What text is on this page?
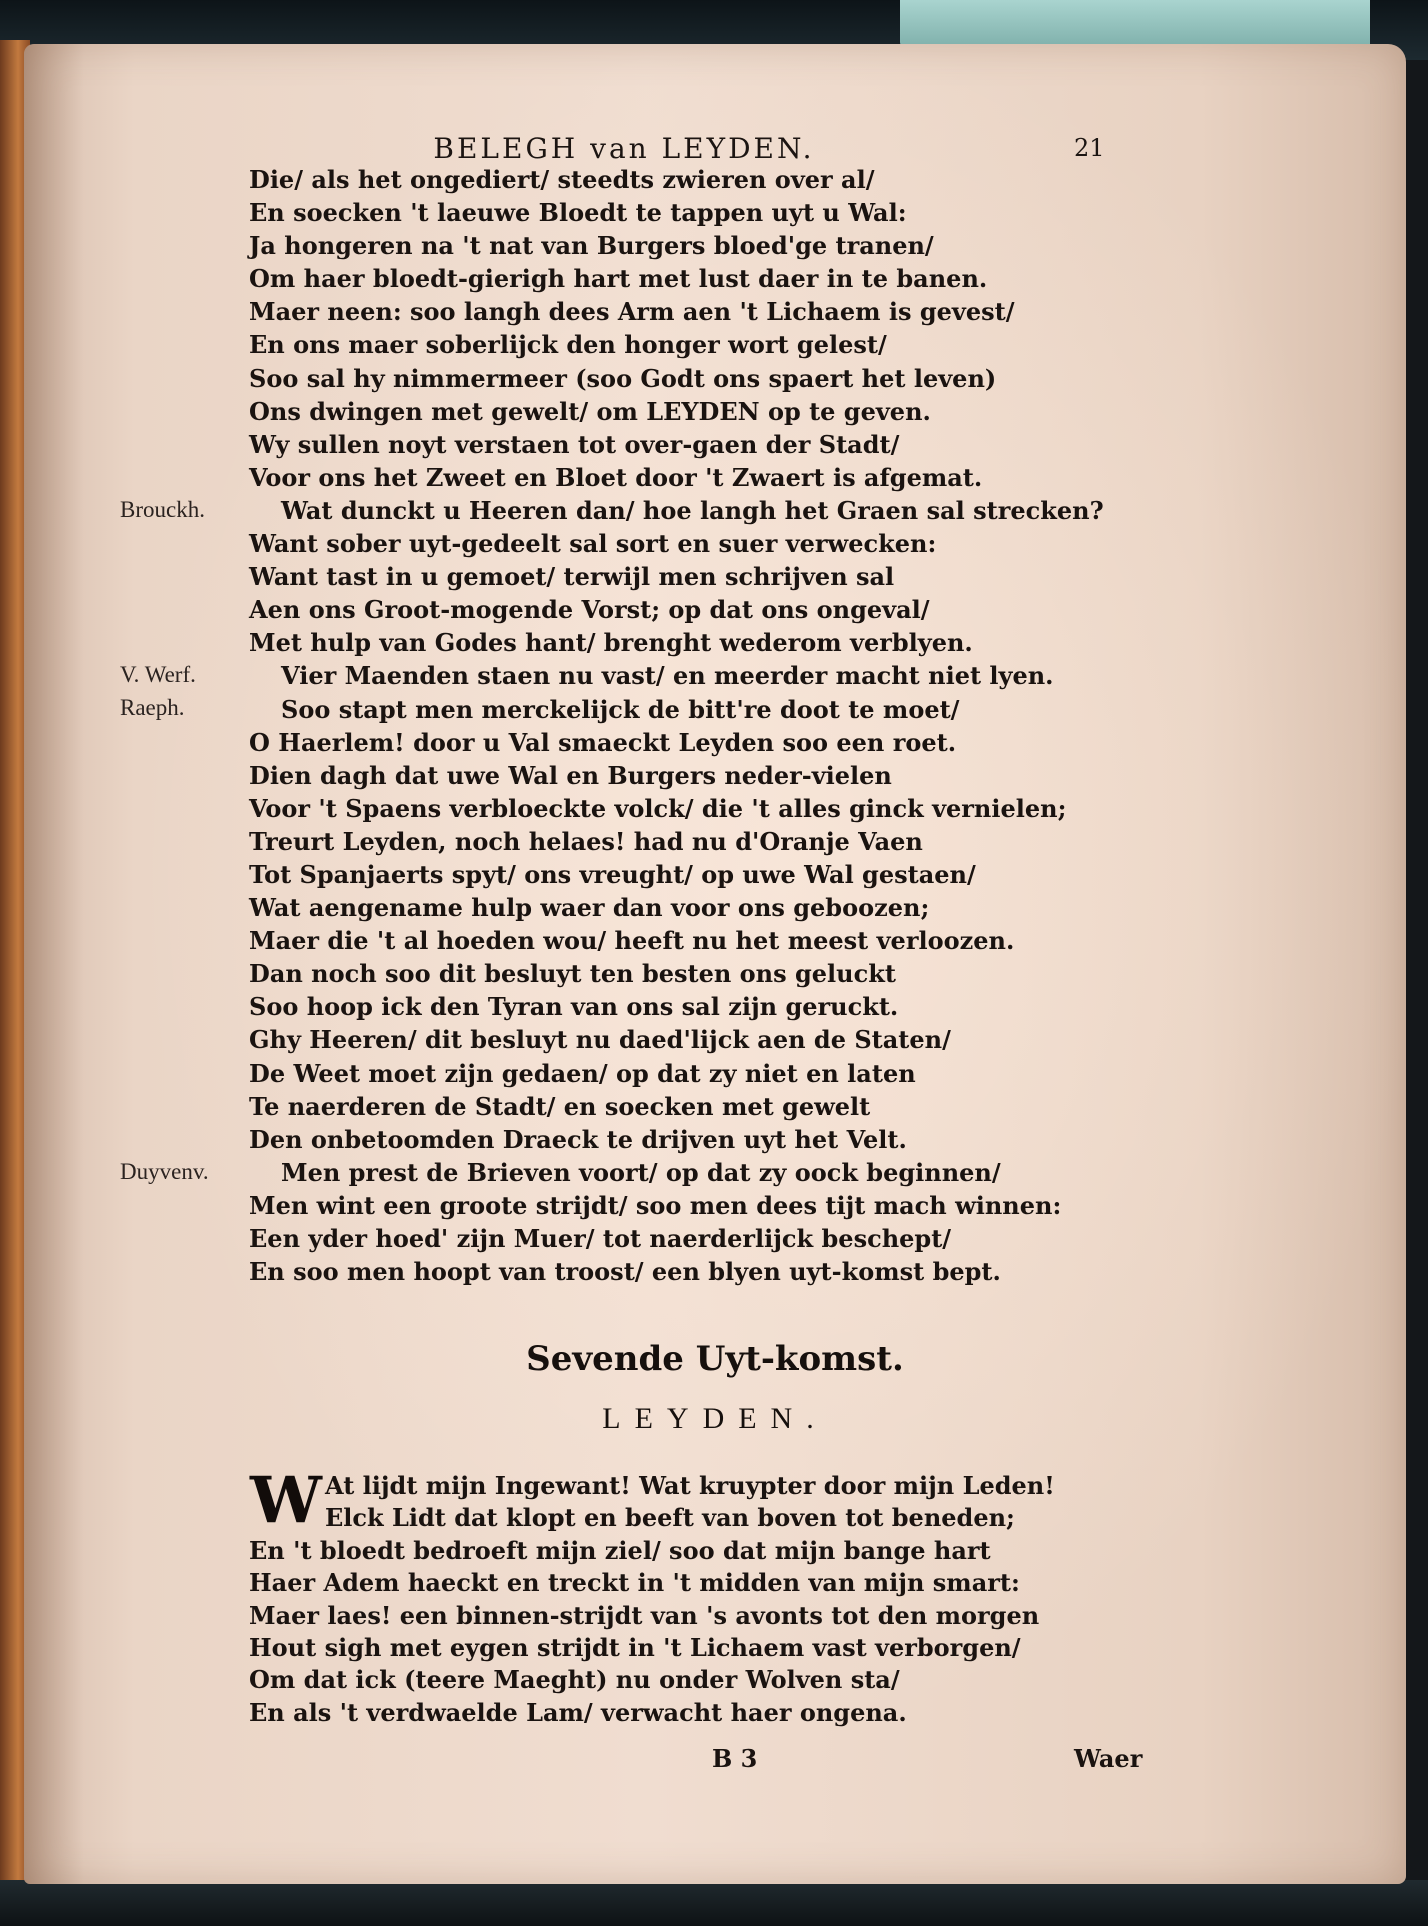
BELEGH van LEYDEN.	21
Brouckh.
V. Werf.
Raeph.
Duyvenv.
Die/ als het ongediert/ steedts zwieren over al/
En soecken 't laeuwe Bloedt te tappen uyt u Wal:
Ja hongeren na 't nat van Burgers bloed'ge tranen/
Om haer bloedt-gierigh hart met lust daer in te banen.
Maer neen: soo langh dees Arm aen 't Lichaem is gevest/
En ons maer soberlijck den honger wort gelest/
Soo sal hy nimmermeer (soo Godt ons spaert het leven)
Ons dwingen met gewelt/ om LEYDEN op te geven.
Wy sullen noyt verstaen tot over-gaen der Stadt/
Voor ons het Zweet en Bloet door 't Zwaert is afgemat.
Wat dunckt u Heeren dan/ hoe langh het Graen sal strecken?
Want sober uyt-gedeelt sal sort en suer verwecken:
Want tast in u gemoet/ terwijl men schrijven sal
Aen ons Groot-mogende Vorst; op dat ons ongeval/
Met hulp van Godes hant/ brenght wederom verblyen.
Vier Maenden staen nu vast/ en meerder macht niet lyen.
Soo stapt men merckelijck de bitt're doot te moet/
O Haerlem! door u Val smaeckt Leyden soo een roet.
Dien dagh dat uwe Wal en Burgers neder-vielen
Voor 't Spaens verbloeckte volck/ die 't alles ginck vernielen;
Treurt Leyden, noch helaes! had nu d'Oranje Vaen
Tot Spanjaerts spyt/ ons vreught/ op uwe Wal gestaen/
Wat aengename hulp waer dan voor ons geboozen;
Maer die 't al hoeden wou/ heeft nu het meest verloozen.
Dan noch soo dit besluyt ten besten ons geluckt
Soo hoop ick den Tyran van ons sal zijn geruckt.
Ghy Heeren/ dit besluyt nu daed'lijck aen de Staten/
De Weet moet zijn gedaen/ op dat zy niet en laten
Te naerderen de Stadt/ en soecken met gewelt
Den onbetoomden Draeck te drijven uyt het Velt.
Men prest de Brieven voort/ op dat zy oock beginnen/
Men wint een groote strijdt/ soo men dees tijt mach winnen:
Een yder hoed' zijn Muer/ tot naerderlijck beschept/
En soo men hoopt van troost/ een blyen uyt-komst bept.
Sevende Uyt-komst.
LEYDEN.
W At lijdt mijn Ingewant! Wat kruypter door mijn Leden!
Elck Lidt dat klopt en beeft van boven tot beneden;
En 't bloedt bedroeft mijn ziel/ soo dat mijn bange hart
Haer Adem haeckt en treckt in 't midden van mijn smart:
Maer laes! een binnen-strijdt van 's avonts tot den morgen
Hout sigh met eygen strijdt in 't Lichaem vast verborgen/
Om dat ick (teere Maeght) nu onder Wolven sta/
En als 't verdwaelde Lam/ verwacht haer ongena.
B 3	Waer
